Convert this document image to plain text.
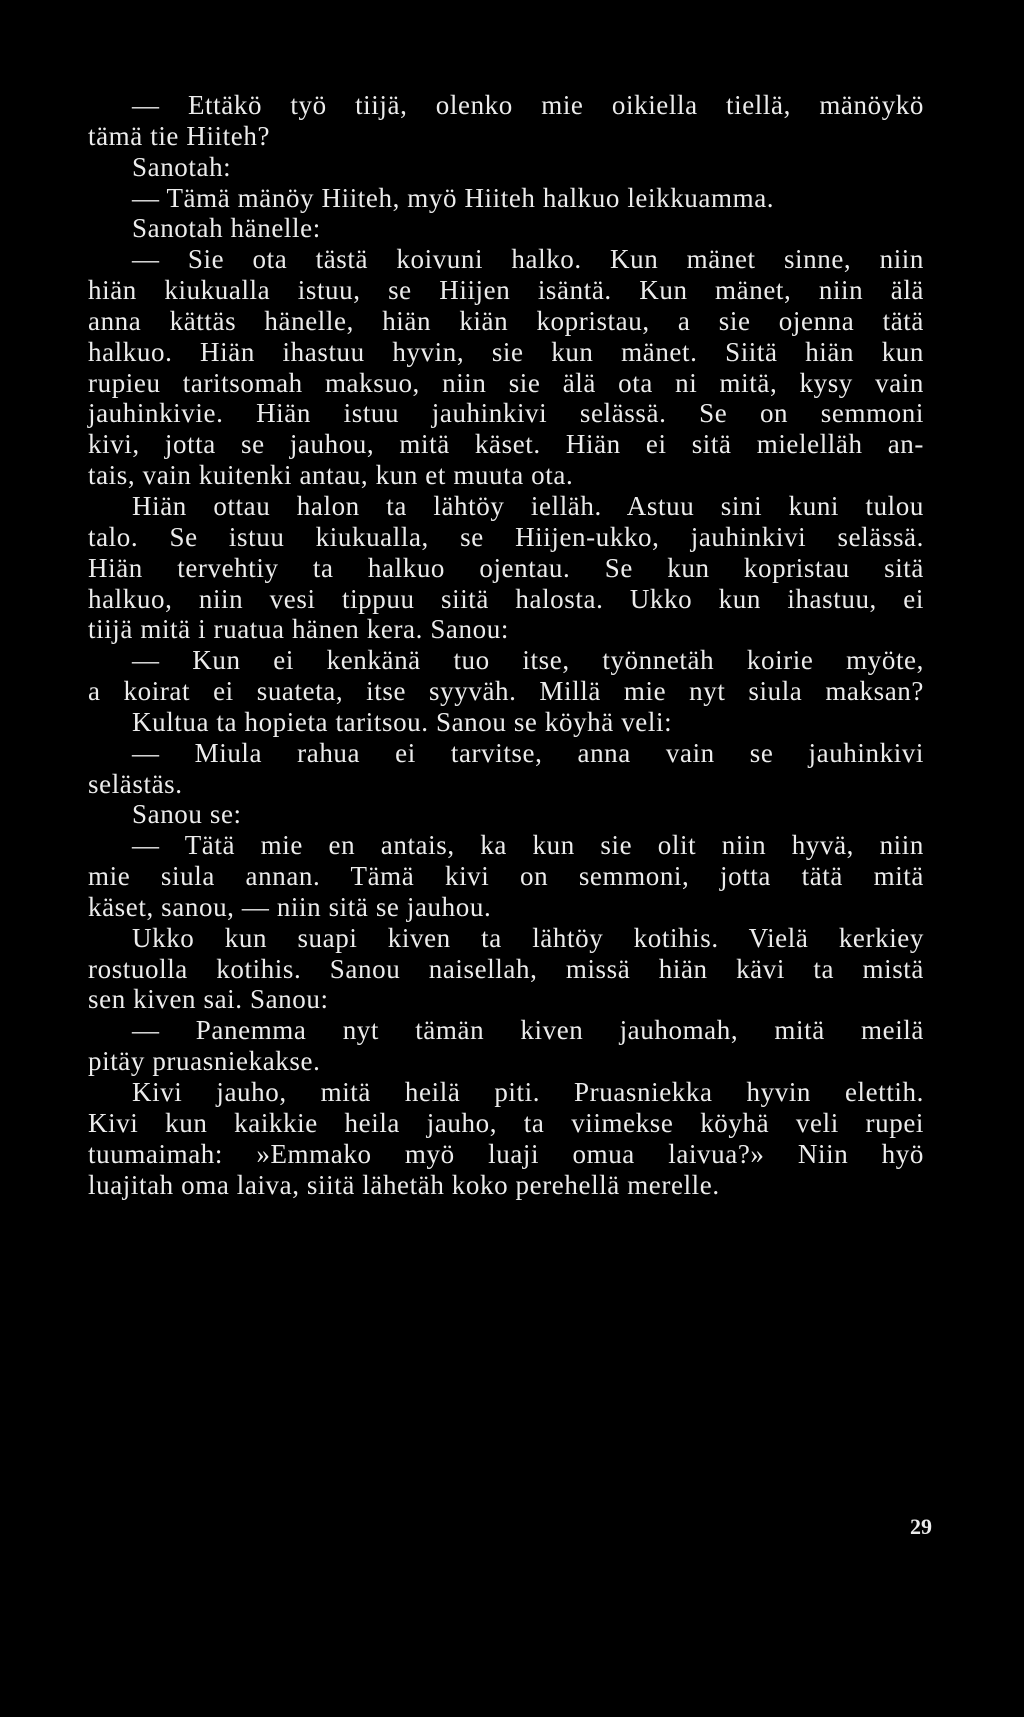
— Ettäkö työ tiijä, olenko mie oikiella tiellä, mänöykö
tämä tie Hiiteh?
Sanotah:
— Tämä mänöy Hiiteh, myö Hiiteh halkuo leikkuamma.
Sanotah hänelle:
— Sie ota tästä koivuni halko. Kun mänet sinne, niin
hiän kiukualla istuu, se Hiijen isäntä. Kun mänet, niin älä
anna kättäs hänelle, hiän kiän kopristau, a sie ojenna tätä
halkuo. Hiän ihastuu hyvin, sie kun mänet. Siitä hiän kun
rupieu taritsomah maksuo, niin sie älä ota ni mitä, kysy vain
jauhinkivie. Hiän istuu jauhinkivi selässä. Se on semmoni
kivi, jotta se jauhou, mitä käset. Hiän ei sitä mielelläh an-
tais, vain kuitenki antau, kun et muuta ota.
Hiän ottau halon ta lähtöy ielläh. Astuu sini kuni tulou
talo. Se istuu kiukualla, se Hiijen-ukko, jauhinkivi selässä.
Hiän tervehtiy ta halkuo ojentau. Se kun kopristau sitä
halkuo, niin vesi tippuu siitä halosta. Ukko kun ihastuu, ei
tiijä mitä i ruatua hänen kera. Sanou:
— Kun ei kenkänä tuo itse, työnnetäh koirie myöte,
a koirat ei suateta, itse syyväh. Millä mie nyt siula maksan?
Kultua ta hopieta taritsou. Sanou se köyhä veli:
— Miula rahua ei tarvitse, anna vain se jauhinkivi
selästäs.
Sanou se:
— Tätä mie en antais, ka kun sie olit niin hyvä, niin
mie siula annan. Tämä kivi on semmoni, jotta tätä mitä
käset, sanou, — niin sitä se jauhou.
Ukko kun suapi kiven ta lähtöy kotihis. Vielä kerkiey
rostuolla kotihis. Sanou naisellah, missä hiän kävi ta mistä
sen kiven sai. Sanou:
— Panemma nyt tämän kiven jauhomah, mitä meilä
pitäy pruasniekakse.
Kivi jauho, mitä heilä piti. Pruasniekka hyvin elettih.
Kivi kun kaikkie heila jauho, ta viimekse köyhä veli rupei
tuumaimah: »Emmako myö luaji omua laivua?» Niin hyö
luajitah oma laiva, siitä lähetäh koko perehellä merelle.
29
